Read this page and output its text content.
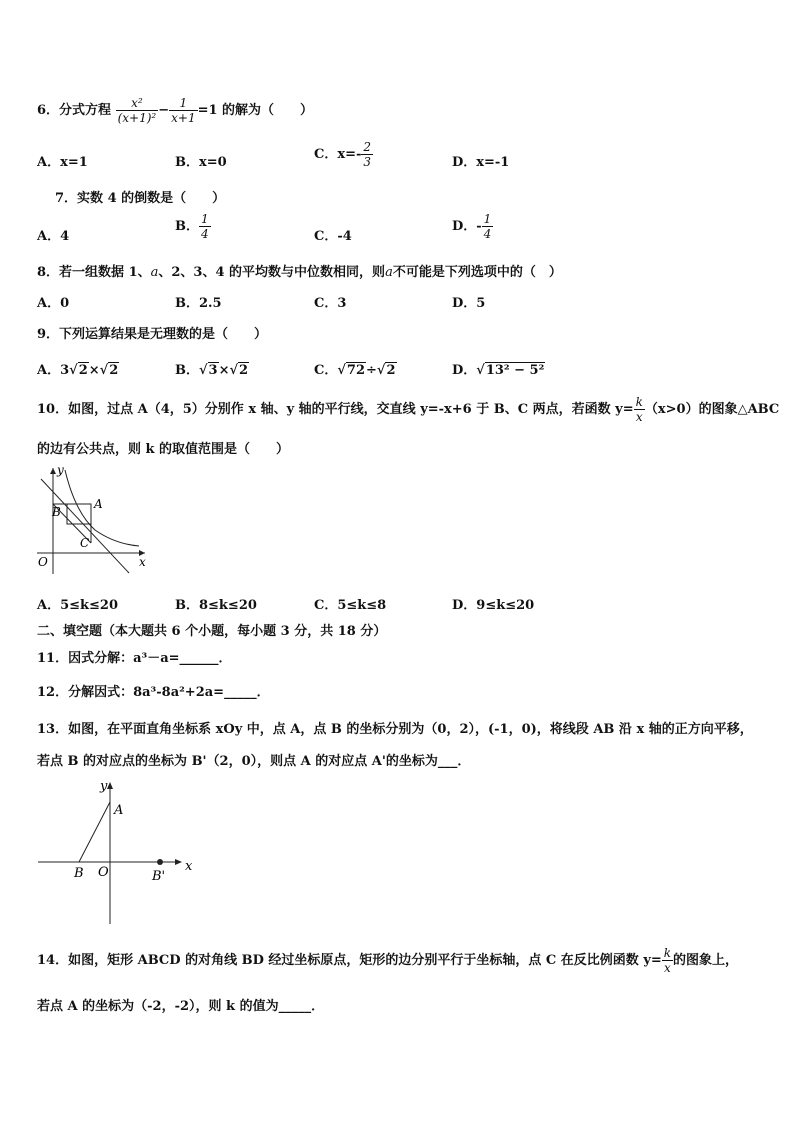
6．分式方程 $\frac{\text{x²}}{\text{(x+1)²}} - \frac{1}{x+1} =1$ 的解为（　　）
A．x=1	B．x=0
C．$x=- \frac{2}{3}$	D．x=-1
7．实数 4 的倒数是（　　）
A．4
B． $\frac{1}{4}$	C．-4
D．- $\frac{1}{4}$
8．若一组数据 1、a、2、3、4 的平均数与中位数相同，则a不可能是下列选项中的（　）
A．0	B．2.5	C．3	D．5
9．下列运算结果是无理数的是（　　）
A．3√2×√2	B．√3×√2	C．√72÷√2	D．√13² − 5²
10．如图，过点 A（4，5）分别作 x 轴、y 轴的平行线，交直线 y=-x+6 于 B、C 两点，若函数 $y= \frac{k}{x} (x>0)$的图象△ABC
的边有公共点，则 k 的取值范围是（　　）
y
x
O
A
B
C
A．5≤k≤20	B．8≤k≤20	C．5≤k≤8	D．9≤k≤20
二、填空题（本大题共 6 个小题，每小题 3 分，共 18 分）
11．因式分解：a³－a=______．
12．分解因式：8a³-8a²+2a=_____．
13．如图，在平面直角坐标系 xOy 中，点 A，点 B 的坐标分别为（0，2），(-1，0)，将线段 AB 沿 x 轴的正方向平移，
若点 B 的对应点的坐标为 B'（2，0），则点 A 的对应点 A'的坐标为___．
y
x
A
B O	B'
14．如图，矩形 ABCD 的对角线 BD 经过坐标原点，矩形的边分别平行于坐标轴，点 C 在反比例函数 $y= \frac{k}{x}$ 的图象上，
若点 A 的坐标为（-2，-2），则 k 的值为_____．
